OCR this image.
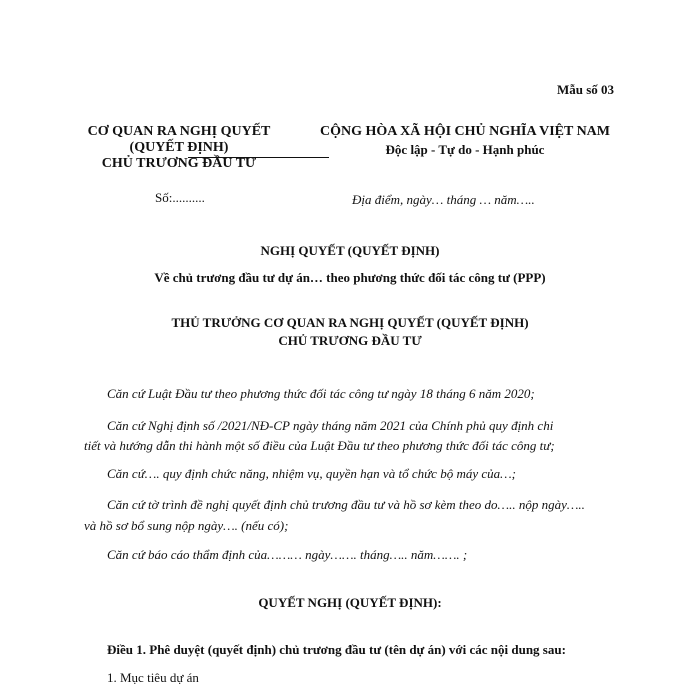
Mẫu số 03
CƠ QUAN RA NGHỊ QUYẾT
(QUYẾT ĐỊNH)
CHỦ TRƯƠNG ĐẦU TƯ
Số:..........
CỘNG HÒA XÃ HỘI CHỦ NGHĨA VIỆT NAM
Độc lập - Tự do - Hạnh phúc
Địa điểm, ngày… tháng … năm…..
NGHỊ QUYẾT (QUYẾT ĐỊNH)
Về chủ trương đầu tư dự án… theo phương thức đối tác công tư (PPP)
THỦ TRƯỞNG CƠ QUAN RA NGHỊ QUYẾT (QUYẾT ĐỊNH)
CHỦ TRƯƠNG ĐẦU TƯ
Căn cứ Luật Đầu tư theo phương thức đối tác công tư ngày 18 tháng 6 năm 2020;
Căn cứ Nghị định số /2021/NĐ-CP ngày tháng năm 2021 của Chính phủ quy định chi
tiết và hướng dẫn thi hành một số điều của Luật Đầu tư theo phương thức đối tác công tư;
Căn cứ…. quy định chức năng, nhiệm vụ, quyền hạn và tổ chức bộ máy của…;
Căn cứ tờ trình đề nghị quyết định chủ trương đầu tư và hồ sơ kèm theo do….. nộp ngày…..
và hồ sơ bổ sung nộp ngày…. (nếu có);
Căn cứ báo cáo thẩm định của……… ngày……. tháng….. năm……. ;
QUYẾT NGHỊ (QUYẾT ĐỊNH):
Điều 1. Phê duyệt (quyết định) chủ trương đầu tư (tên dự án) với các nội dung sau:
1. Mục tiêu dự án
